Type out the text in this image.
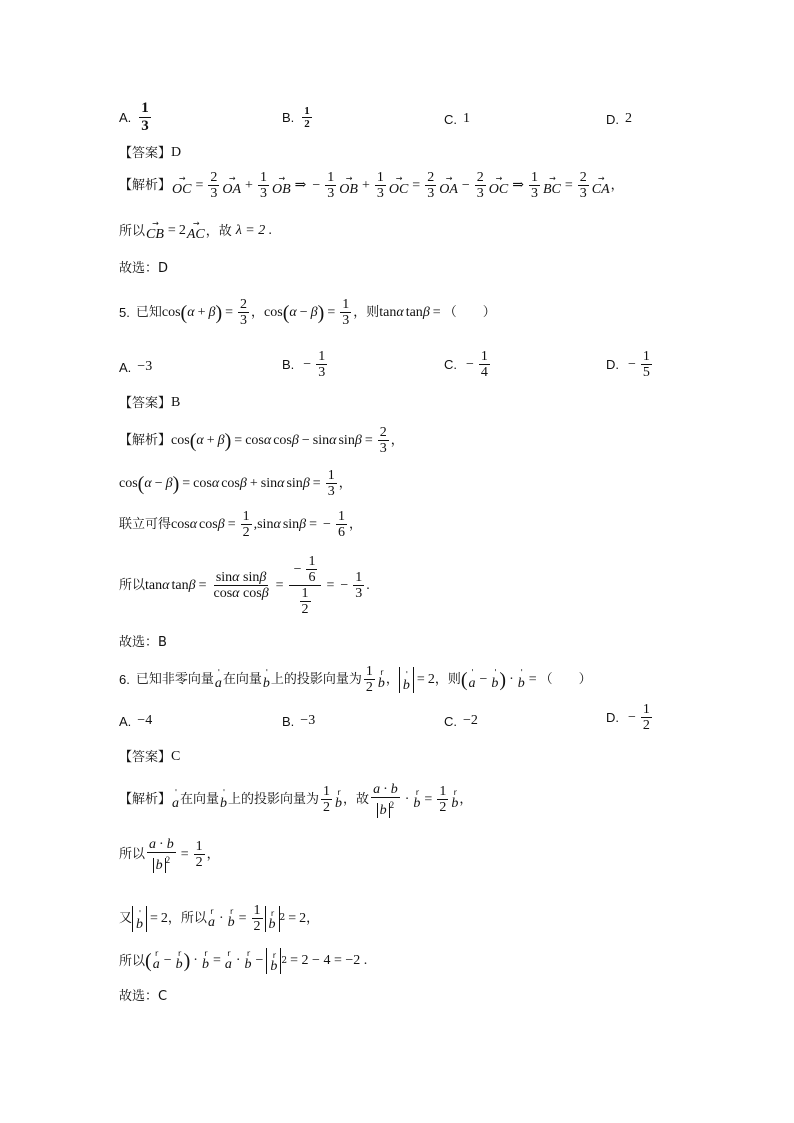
A. $\frac{1}{3}$	B. $\frac{1}{2}$	C. 1	D. 2
【答案】 D
【解析】 →
OC = $\frac{2}{3}$ →
OA + $\frac{1}{3}$ →
OB ⇒ − $\frac{1}{3}$ →
OB + $\frac{1}{3}$ →
OC = $\frac{2}{3}$ →
OA − $\frac{2}{3}$ →
OC ⇒ $\frac{1}{3}$ →
BC = $\frac{2}{3}$ →
CA ，
所以 →
CB = 2 →
AC ，故 λ = 2 .
故选：D
5. 已知 cos ( α + β ) = $\frac{2}{3}$ ， cos ( α − β ) = $\frac{1}{3}$ ，则 tan α tan β = （　　）
A. −3	B. − $\frac{1}{3}$	C. − $\frac{1}{4}$	D. − $\frac{1}{5}$
【答案】 B
【解析】 cos ( α + β ) = cos α cos β − sin α $\sin \beta = \frac{2}{3}$ ，
cos ( α − β ) = cos α cos β + sin α $\sin \beta = \frac{1}{3}$ ，
联立可得 cos α $\cos \beta = \frac{1}{2}$ , sin α sin β = − $\frac{1}{6}$ ，
所以 tan α $\tan \beta = \frac{\text{sinα sinβ}}{\text{cosα cosβ}} = \frac{- \frac{1}{6}}{\frac{1}{2}}$ = − $\frac{1}{3}$ .
故选：B
6. 已知非零向量 '
a 在向量 '
b 上的投影向量为 $\frac{1}{2}$ r
b ， '
b = 2 ，则 ( '
a − '
b ) · '
b = （　　）
A. −4	B. −3	C. −2	D. − $\frac{1}{2}$
【答案】 C
【解析】 '
a 在向量 '
b 上的投影向量为 $\frac{1}{2}$ r
b ，故 $\frac{a \cdot b}{b ^2} \cdot r$
$b = \frac{1}{2}$ r
b ，
所以 $\frac{a \cdot b}{b ^2} = \frac{1}{2}$ ，
又 '
b = 2 ，所以 r
a · r
$b = \frac{1}{2}$ r
b 2 = 2 ，
所以 ( r
a − r
b ) · r
b = r
a · r
b − r
b 2 = 2 − 4 = −2 .
故选：C
